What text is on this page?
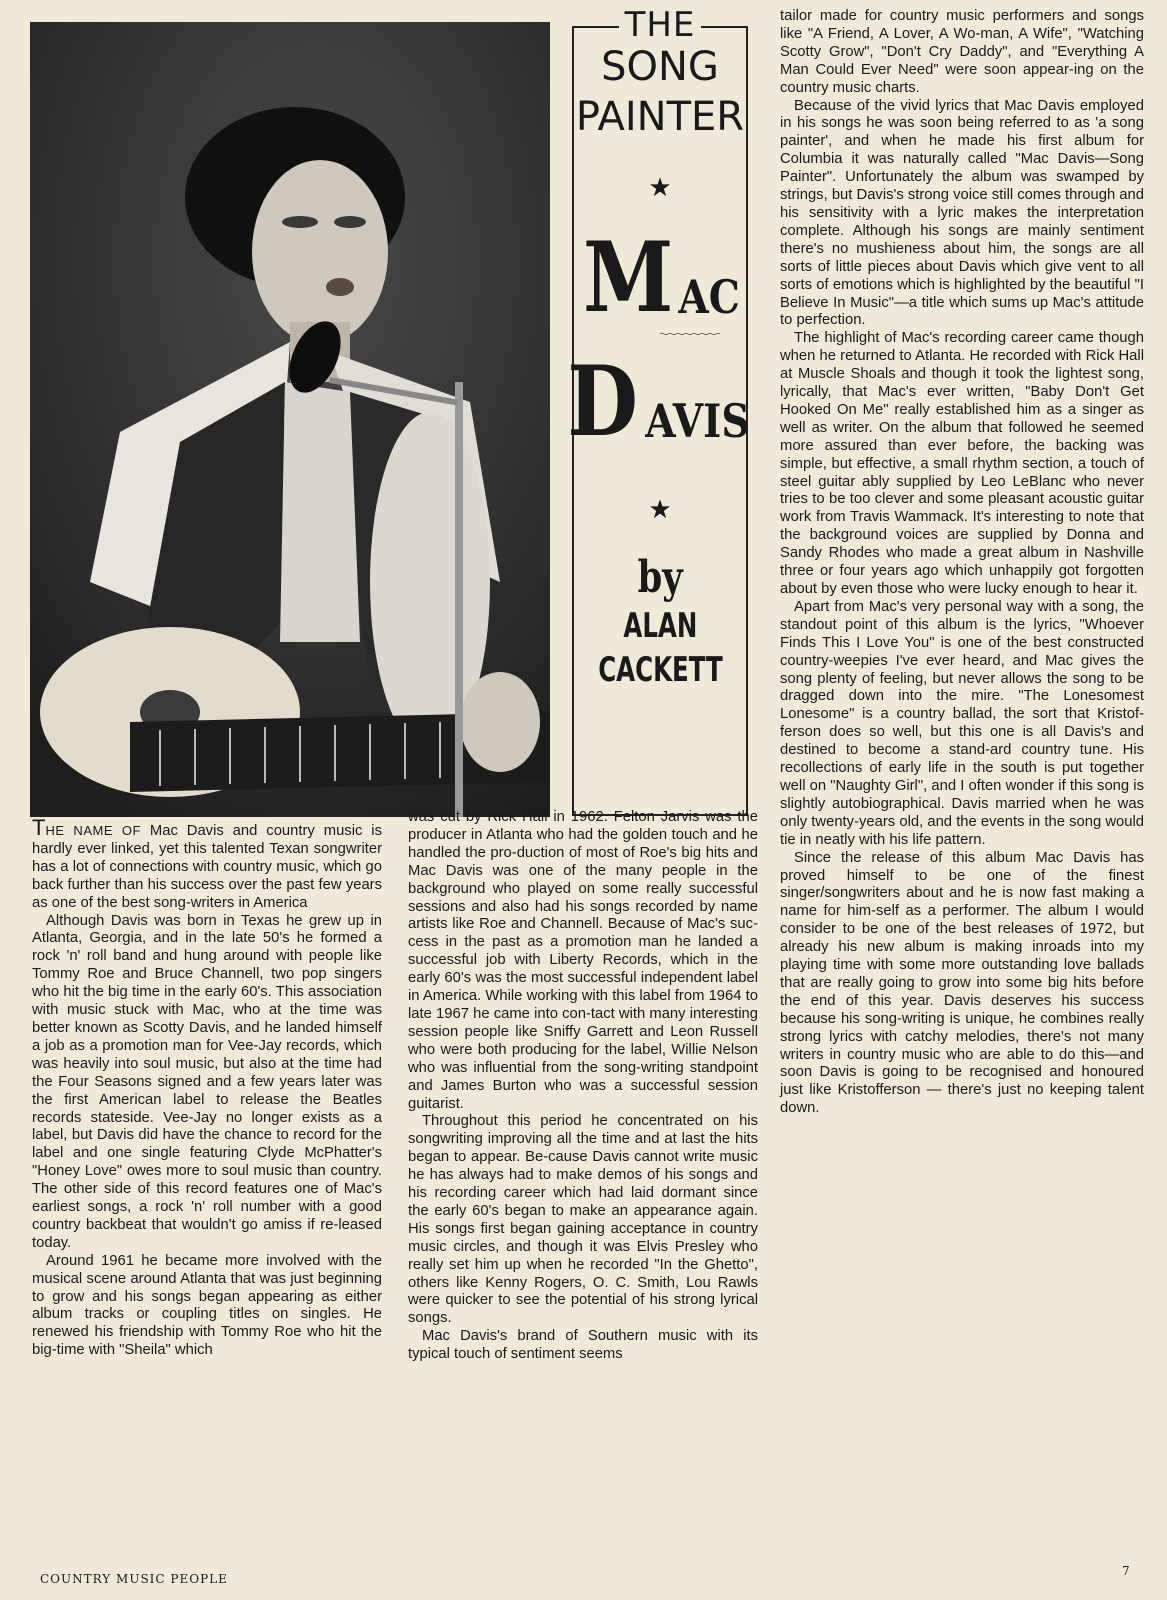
THE
SONG
PAINTER
★
M AC
D AVIS
★
by
ALAN
CACKETT

THE NAME OF Mac Davis and country music is hardly ever linked, yet this talented Texan songwriter has a lot of connections with country music, which go back further than his success over the past few years as one of the best song-writers in America

Although Davis was born in Texas he grew up in Atlanta, Georgia, and in the late 50's he formed a rock 'n' roll band and hung around with people like Tommy Roe and Bruce Channell, two pop singers who hit the big time in the early 60's. This association with music stuck with Mac, who at the time was better known as Scotty Davis, and he landed himself a job as a promotion man for Vee-Jay records, which was heavily into soul music, but also at the time had the Four Seasons signed and a few years later was the first American label to release the Beatles records stateside. Vee-Jay no longer exists as a label, but Davis did have the chance to record for the label and one single featuring Clyde McPhatter's "Honey Love" owes more to soul music than country. The other side of this record features one of Mac's earliest songs, a rock 'n' roll number with a good country backbeat that wouldn't go amiss if re-leased today.

Around 1961 he became more involved with the musical scene around Atlanta that was just beginning to grow and his songs began appearing as either album tracks or coupling titles on singles. He renewed his friendship with Tommy Roe who hit the big-time with "Sheila" which

was cut by Rick Hall in 1962. Felton Jarvis was the producer in Atlanta who had the golden touch and he handled the pro-duction of most of Roe's big hits and Mac Davis was one of the many people in the background who played on some really successful sessions and also had his songs recorded by name artists like Roe and Channell. Because of Mac's suc-cess in the past as a promotion man he landed a successful job with Liberty Records, which in the early 60's was the most successful independent label in America. While working with this label from 1964 to late 1967 he came into con-tact with many interesting session people like Sniffy Garrett and Leon Russell who were both producing for the label, Willie Nelson who was influential from the song-writing standpoint and James Burton who was a successful session guitarist.

Throughout this period he concentrated on his songwriting improving all the time and at last the hits began to appear. Be-cause Davis cannot write music he has always had to make demos of his songs and his recording career which had laid dormant since the early 60's began to make an appearance again. His songs first began gaining acceptance in country music circles, and though it was Elvis Presley who really set him up when he recorded "In the Ghetto", others like Kenny Rogers, O. C. Smith, Lou Rawls were quicker to see the potential of his strong lyrical songs.

Mac Davis's brand of Southern music with its typical touch of sentiment seems

tailor made for country music performers and songs like "A Friend, A Lover, A Wo-man, A Wife", "Watching Scotty Grow", "Don't Cry Daddy", and "Everything A Man Could Ever Need" were soon appear-ing on the country music charts.

Because of the vivid lyrics that Mac Davis employed in his songs he was soon being referred to as 'a song painter', and when he made his first album for Columbia it was naturally called "Mac Davis—Song Painter". Unfortunately the album was swamped by strings, but Davis's strong voice still comes through and his sensitivity with a lyric makes the interpretation complete. Although his songs are mainly sentiment there's no mushieness about him, the songs are all sorts of little pieces about Davis which give vent to all sorts of emotions which is highlighted by the beautiful "I Believe In Music"—a title which sums up Mac's attitude to perfection.

The highlight of Mac's recording career came though when he returned to Atlanta. He recorded with Rick Hall at Muscle Shoals and though it took the lightest song, lyrically, that Mac's ever written, "Baby Don't Get Hooked On Me" really established him as a singer as well as writer. On the album that followed he seemed more assured than ever before, the backing was simple, but effective, a small rhythm section, a touch of steel guitar ably supplied by Leo LeBlanc who never tries to be too clever and some pleasant acoustic guitar work from Travis Wammack. It's interesting to note that the background voices are supplied by Donna and Sandy Rhodes who made a great album in Nashville three or four years ago which unhappily got forgotten about by even those who were lucky enough to hear it.

Apart from Mac's very personal way with a song, the standout point of this album is the lyrics, "Whoever Finds This I Love You" is one of the best constructed country-weepies I've ever heard, and Mac gives the song plenty of feeling, but never allows the song to be dragged down into the mire. "The Lonesomest Lonesome" is a country ballad, the sort that Kristof-ferson does so well, but this one is all Davis's and destined to become a stand-ard country tune. His recollections of early life in the south is put together well on "Naughty Girl", and I often wonder if this song is slightly autobiographical. Davis married when he was only twenty-years old, and the events in the song would tie in neatly with his life pattern.

Since the release of this album Mac Davis has proved himself to be one of the finest singer/songwriters about and he is now fast making a name for him-self as a performer. The album I would consider to be one of the best releases of 1972, but already his new album is making inroads into my playing time with some more outstanding love ballads that are really going to grow into some big hits before the end of this year. Davis deserves his success because his song-writing is unique, he combines really strong lyrics with catchy melodies, there's not many writers in country music who are able to do this—and soon Davis is going to be recognised and honoured just like Kristofferson — there's just no keeping talent down.

COUNTRY MUSIC PEOPLE
7
